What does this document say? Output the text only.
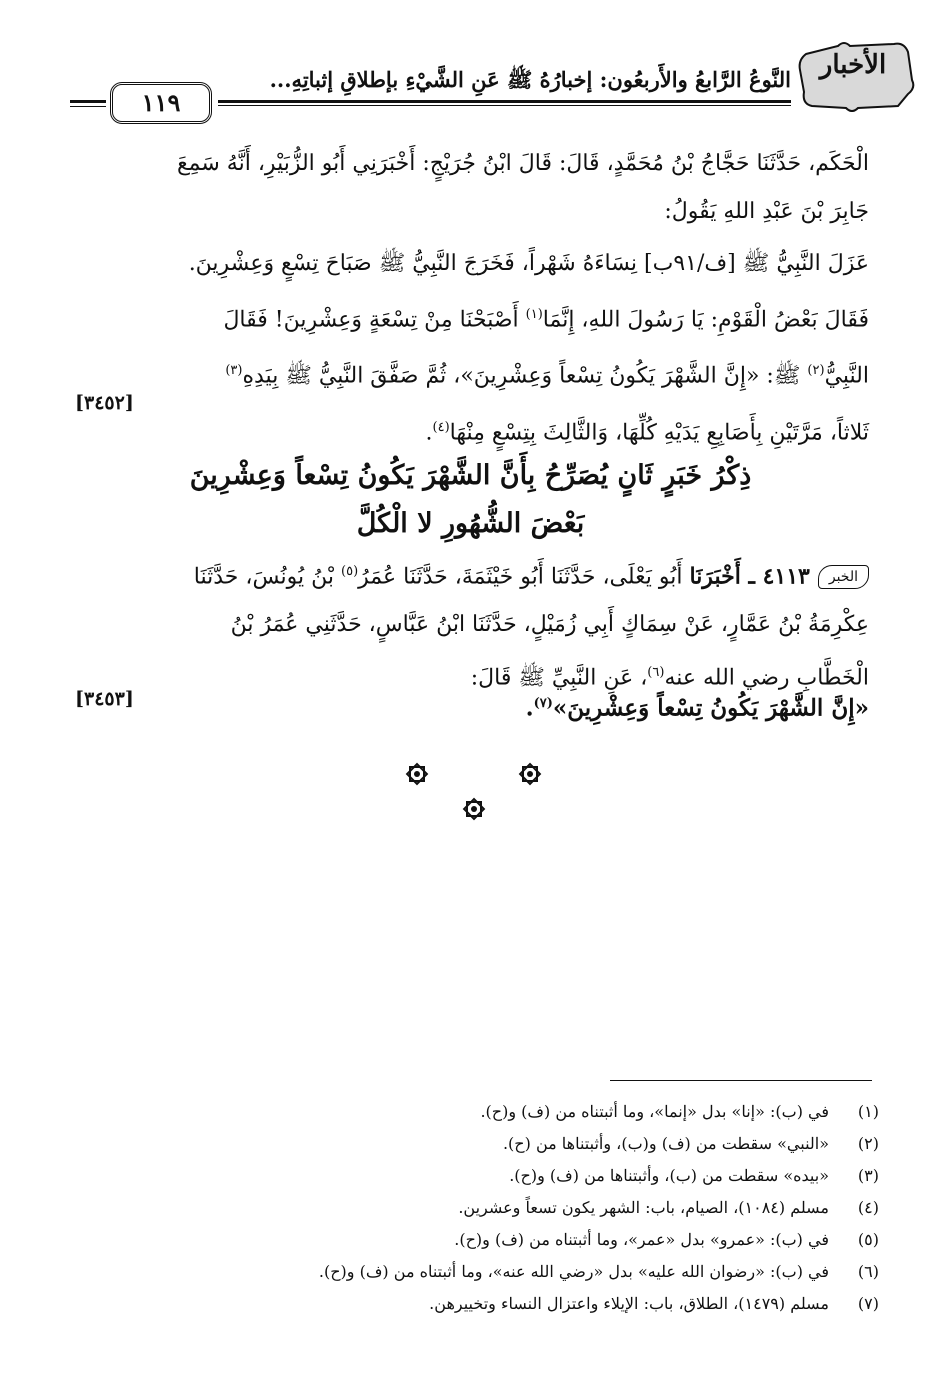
الأخبار
النَّوعُ الرَّابعُ والأَربعُون: إخبارُهُ ﷺ عَنِ الشَّيْءِ بإطلاقِ إثباتِهِ...
١١٩
الْحَكَم، حَدَّثَنَا حَجَّاجُ بْنُ مُحَمَّدٍ، قَالَ: قَالَ ابْنُ جُرَيْجٍ: أَخْبَرَنِي أَبُو الزُّبَيْرِ، أَنَّهُ سَمِعَ
جَابِرَ بْنَ عَبْدِ اللهِ يَقُولُ:
عَزَلَ النَّبِيُّ ﷺ [ف/٩١ب] نِسَاءَهُ شَهْراً، فَخَرَجَ النَّبِيُّ ﷺ صَبَاحَ تِسْعٍ وَعِشْرِينَ.
فَقَالَ بَعْضُ الْقَوْمِ: يَا رَسُولَ اللهِ، إِنَّمَا$^{(١)}$ أَصْبَحْنَا مِنْ تِسْعَةٍ وَعِشْرِينَ! فَقَالَ
النَّبِيُّ$^{(٢)}$ ﷺ: «إِنَّ الشَّهْرَ يَكُونُ تِسْعاً وَعِشْرِينَ»، ثُمَّ صَفَّقَ النَّبِيُّ ﷺ بِيَدِهِ$^{(٣)}$
ثَلاثاً، مَرَّتَيْنِ بِأَصَابِعِ يَدَيْهِ كُلِّهَا، وَالثَّالِثَ بِتِسْعٍ مِنْهَا$^{(٤)}$.
[٣٤٥٢]
ذِكْرُ خَبَرٍ ثَانٍ يُصَرِّحُ بِأَنَّ الشَّهْرَ يَكُونُ تِسْعاً وَعِشْرِينَ
بَعْضَ الشُّهُورِ لا الْكُلَّ
الخبر٤١١٣ ـ أَخْبَرَنَا أَبُو يَعْلَى، حَدَّثَنَا أَبُو خَيْثَمَةَ، حَدَّثَنَا عُمَرُ$^{(٥)}$ بْنُ يُونُسَ، حَدَّثَنَا
عِكْرِمَةُ بْنُ عَمَّارٍ، عَنْ سِمَاكٍ أَبِي زُمَيْلٍ، حَدَّثَنَا ابْنُ عَبَّاسٍ، حَدَّثَنِي عُمَرُ بْنُ
الْخَطَّابِ رضي الله عنه$^{(٦)}$، عَنِ النَّبِيِّ ﷺ قَالَ:
«إِنَّ الشَّهْرَ يَكُونُ تِسْعاً وَعِشْرِينَ»$^{(٧)}$.
[٣٤٥٣]
(١)في (ب): «إنا» بدل «إنما»، وما أثبتناه من (ف) و(ح).
(٢)«النبي» سقطت من (ف) و(ب)، وأثبتناها من (ح).
(٣)«بيده» سقطت من (ب)، وأثبتناها من (ف) و(ح).
(٤)مسلم (١٠٨٤)، الصيام، باب: الشهر يكون تسعاً وعشرين.
(٥)في (ب): «عمرو» بدل «عمر»، وما أثبتناه من (ف) و(ح).
(٦)في (ب): «رضوان الله عليه» بدل «رضي الله عنه»، وما أثبتناه من (ف) و(ح).
(٧)مسلم (١٤٧٩)، الطلاق، باب: الإيلاء واعتزال النساء وتخييرهن.
